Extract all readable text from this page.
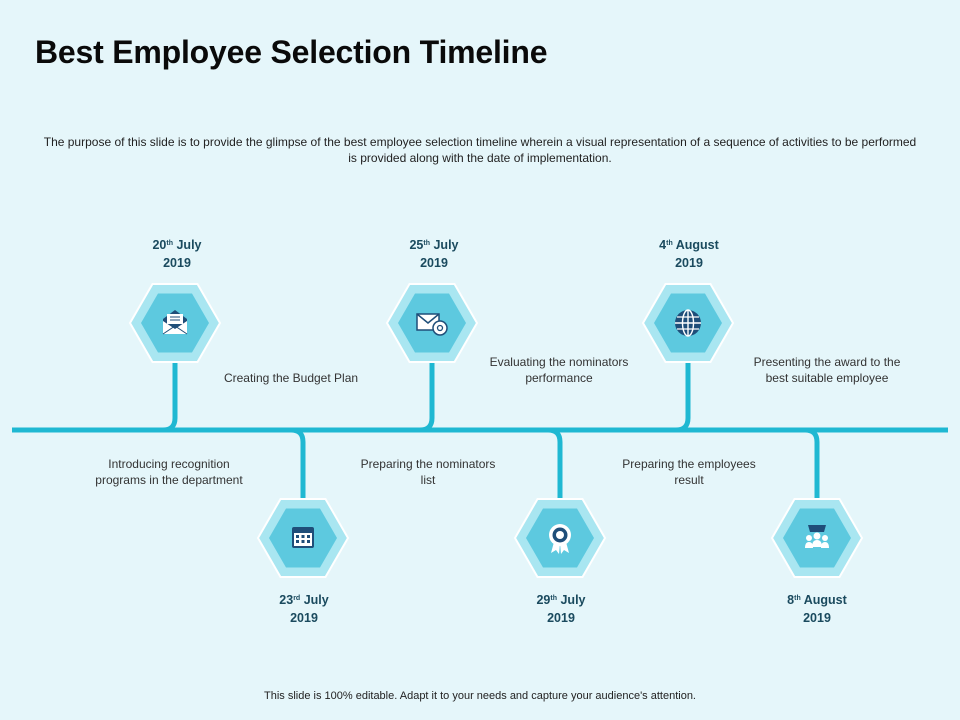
Best Employee Selection Timeline
The purpose of this slide is to provide the glimpse of the best employee selection timeline wherein a visual representation of a sequence of activities to be performed is provided along with the date of implementation.
20th July
2019
Introducing recognition programs in the department
23rd July
2019
Creating the Budget Plan
25th July
2019
Preparing the nominators list
29th July
2019
Evaluating the nominators performance
4th August
2019
Preparing the employees result
8th August
2019
Presenting the award to the best suitable employee
This slide is 100% editable. Adapt it to your needs and capture your audience's attention.
